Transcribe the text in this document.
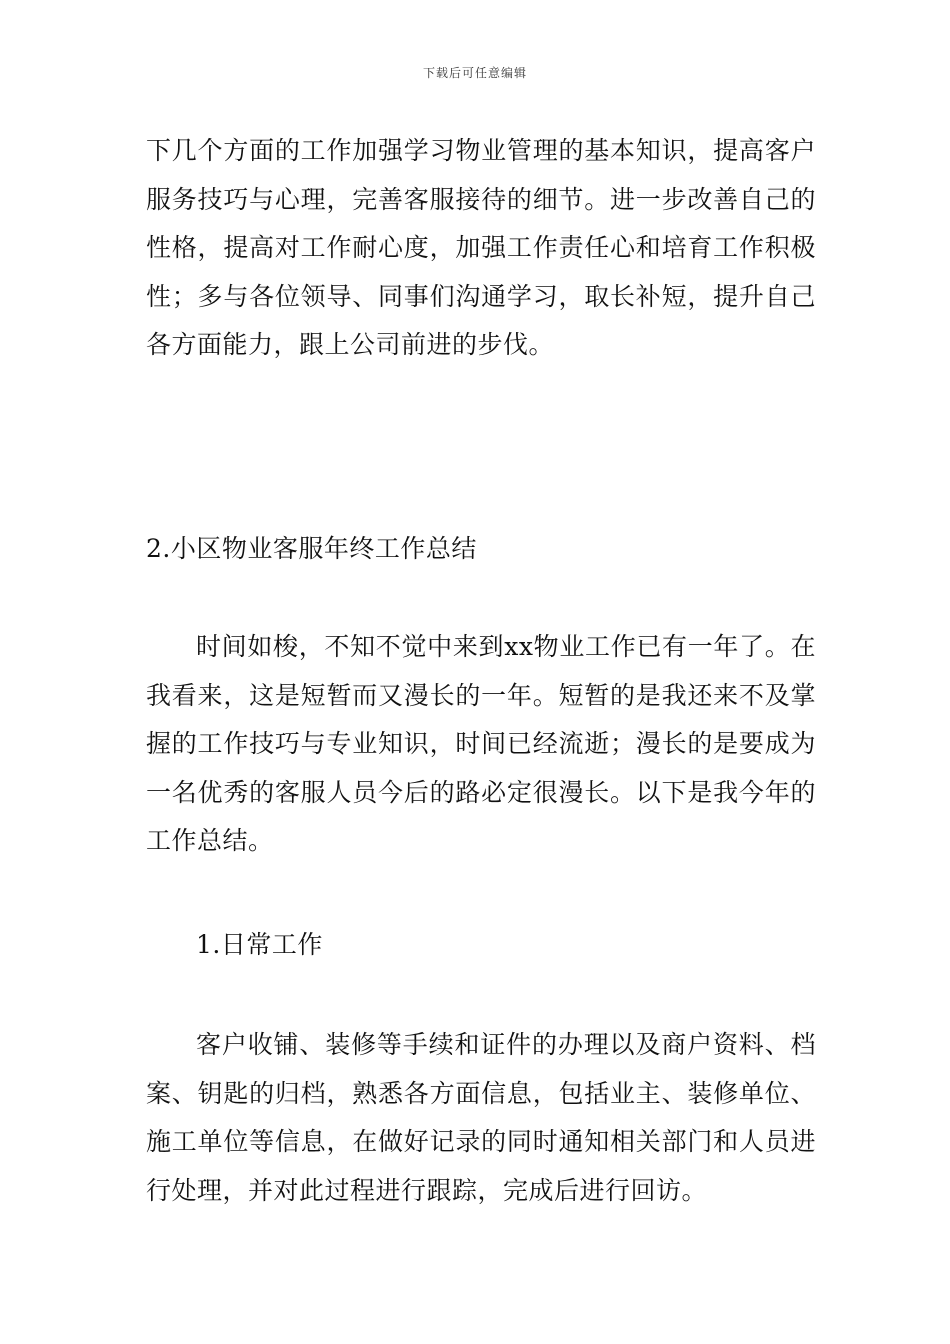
下载后可任意编辑

下几个方面的工作加强学习物业管理的基本知识，提高客户服务技巧与心理，完善客服接待的细节。进一步改善自己的性格，提高对工作耐心度，加强工作责任心和培育工作积极性；多与各位领导、同事们沟通学习，取长补短，提升自己各方面能力，跟上公司前进的步伐。

2.小区物业客服年终工作总结

时间如梭，不知不觉中来到xx物业工作已有一年了。在我看来，这是短暂而又漫长的一年。短暂的是我还来不及掌握的工作技巧与专业知识，时间已经流逝；漫长的是要成为一名优秀的客服人员今后的路必定很漫长。以下是我今年的工作总结。

1.日常工作

客户收铺、装修等手续和证件的办理以及商户资料、档案、钥匙的归档，熟悉各方面信息，包括业主、装修单位、施工单位等信息，在做好记录的同时通知相关部门和人员进行处理，并对此过程进行跟踪，完成后进行回访。
